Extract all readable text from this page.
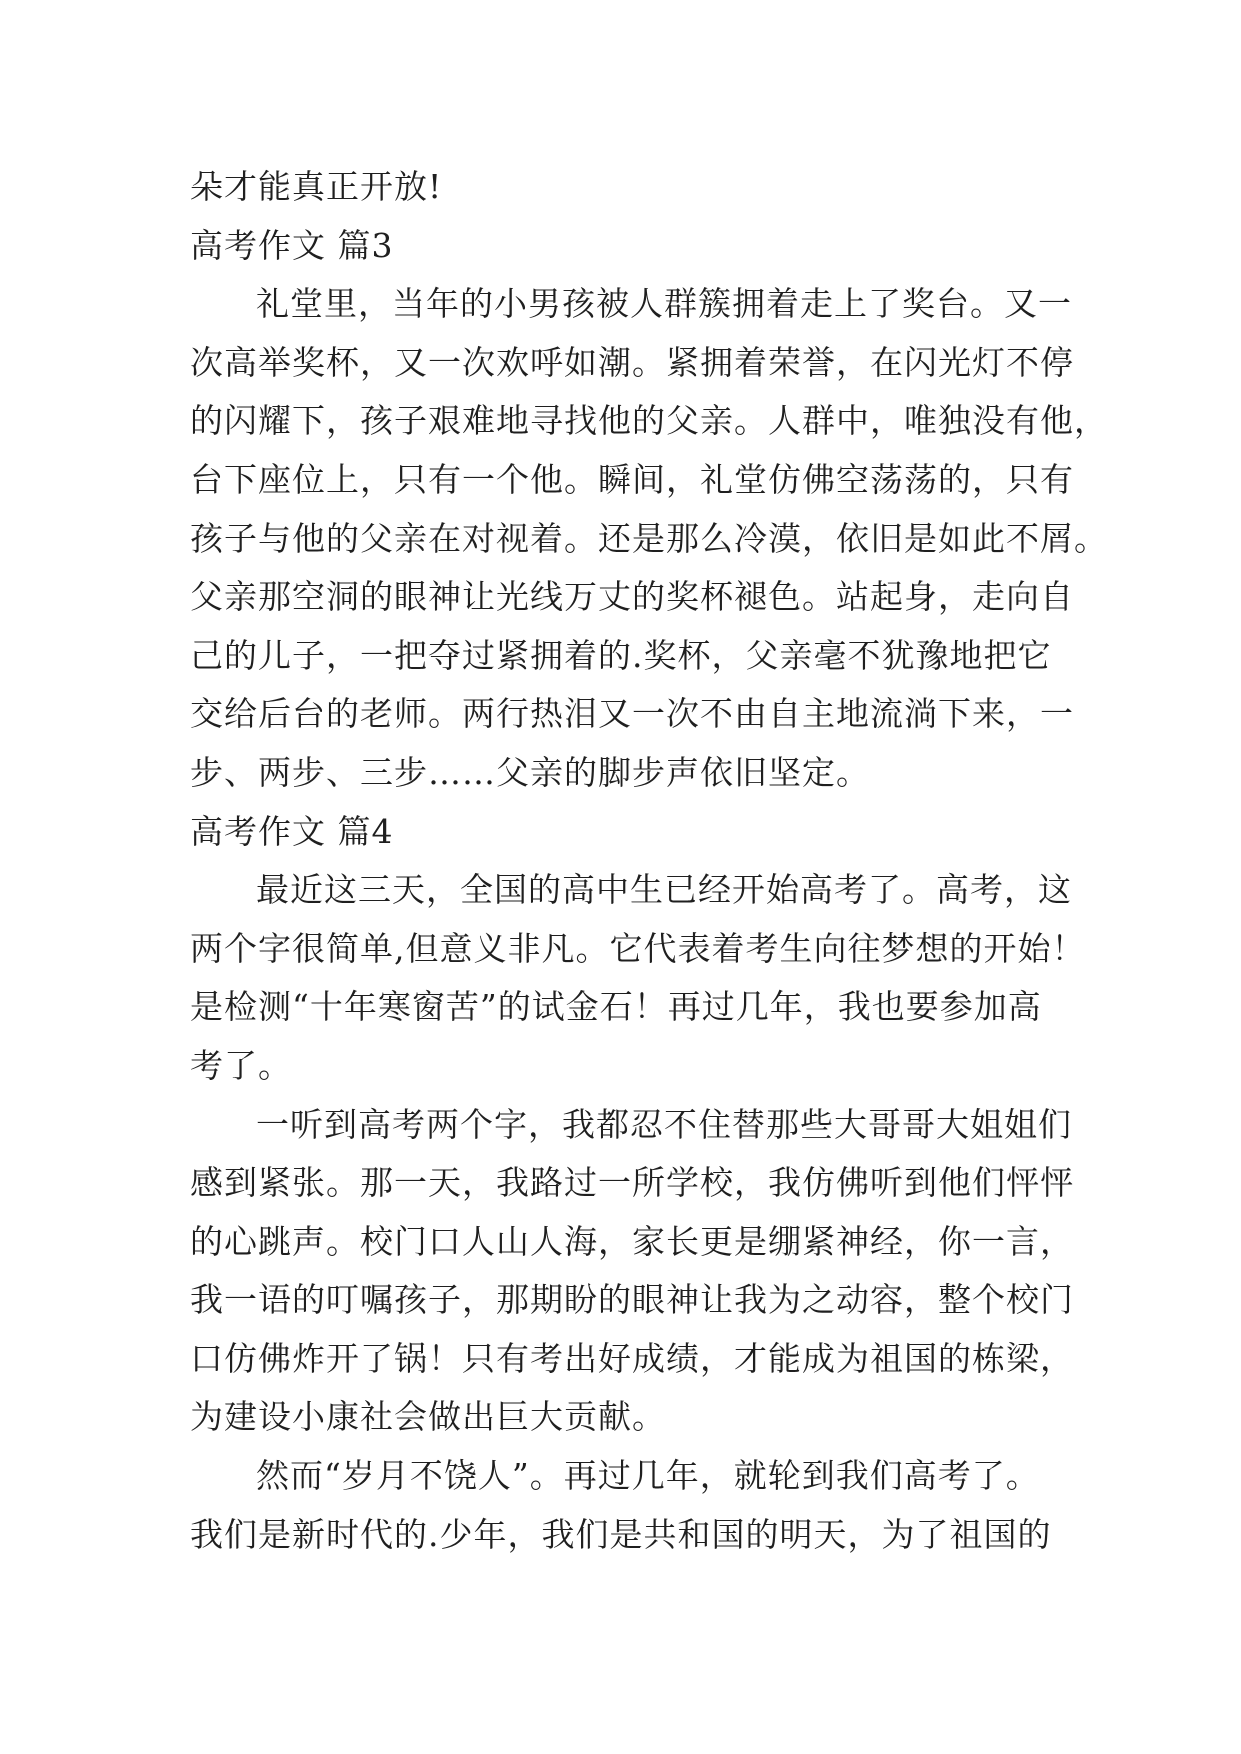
朵才能真正开放!
高考作文 篇3
礼堂里，当年的小男孩被人群簇拥着走上了奖台。又一
次高举奖杯，又一次欢呼如潮。紧拥着荣誉，在闪光灯不停
的闪耀下，孩子艰难地寻找他的父亲。人群中，唯独没有他，
台下座位上，只有一个他。瞬间，礼堂仿佛空荡荡的，只有
孩子与他的父亲在对视着。还是那么冷漠，依旧是如此不屑。
父亲那空洞的眼神让光线万丈的奖杯褪色。站起身，走向自
己的儿子，一把夺过紧拥着的.奖杯，父亲毫不犹豫地把它
交给后台的老师。两行热泪又一次不由自主地流淌下来，一
步、两步、三步……父亲的脚步声依旧坚定。
高考作文 篇4
最近这三天，全国的高中生已经开始高考了。高考，这
两个字很简单,但意义非凡。它代表着考生向往梦想的开始！
是检测“十年寒窗苦”的试金石！再过几年，我也要参加高
考了。
一听到高考两个字，我都忍不住替那些大哥哥大姐姐们
感到紧张。那一天，我路过一所学校，我仿佛听到他们怦怦
的心跳声。校门口人山人海，家长更是绷紧神经，你一言，
我一语的叮嘱孩子，那期盼的眼神让我为之动容，整个校门
口仿佛炸开了锅！只有考出好成绩，才能成为祖国的栋梁，
为建设小康社会做出巨大贡献。
然而“岁月不饶人”。再过几年，就轮到我们高考了。
我们是新时代的.少年，我们是共和国的明天，为了祖国的
